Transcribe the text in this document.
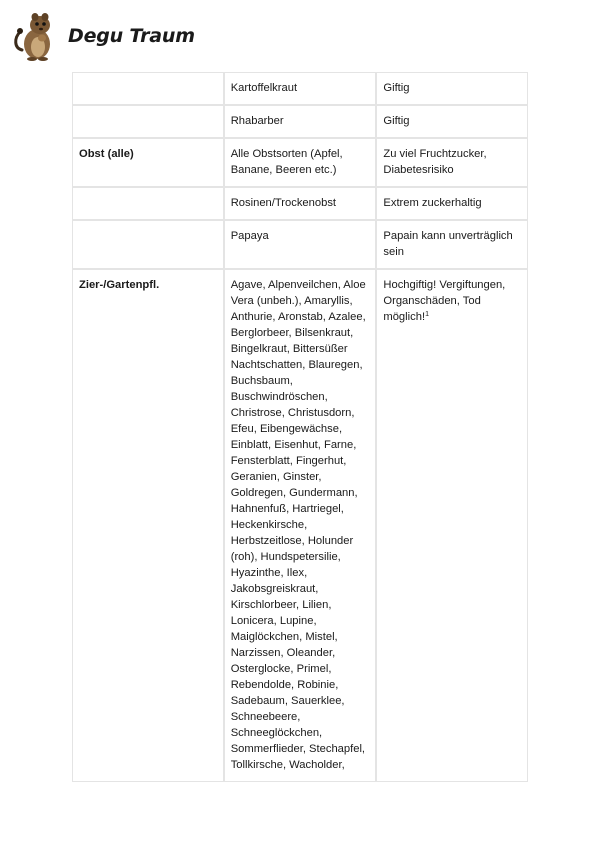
Degu Traum
	Kartoffelkraut	Giftig
	Rhabarber	Giftig
Obst (alle)	Alle Obstsorten (Apfel, Banane, Beeren etc.)	Zu viel Fruchtzucker, Diabetesrisiko
	Rosinen/Trockenobst	Extrem zuckerhaltig
	Papaya	Papain kann unverträglich sein
Zier-/Gartenpfl.	Agave, Alpenveilchen, Aloe Vera (unbeh.), Amaryllis, Anthurie, Aronstab, Azalee, Berglorbeer, Bilsenkraut, Bingelkraut, Bittersüßer Nachtschatten, Blauregen, Buchsbaum, Buschwindröschen, Christrose, Christusdorn, Efeu, Eibengewächse, Einblatt, Eisenhut, Farne, Fensterblatt, Fingerhut, Geranien, Ginster, Goldregen, Gundermann, Hahnenfuß, Hartriegel, Heckenkirsche, Herbstzeitlose, Holunder (roh), Hundspetersilie, Hyazinthe, Ilex, Jakobsgreiskraut, Kirschlorbeer, Lilien, Lonicera, Lupine, Maiglöckchen, Mistel, Narzissen, Oleander, Osterglocke, Primel, Rebendolde, Robinie, Sadebaum, Sauerklee, Schneebeere, Schneeglöckchen, Sommerflieder, Stechapfel, Tollkirsche, Wacholder,	Hochgiftig! Vergiftungen, Organschäden, Tod möglich!$^1$
